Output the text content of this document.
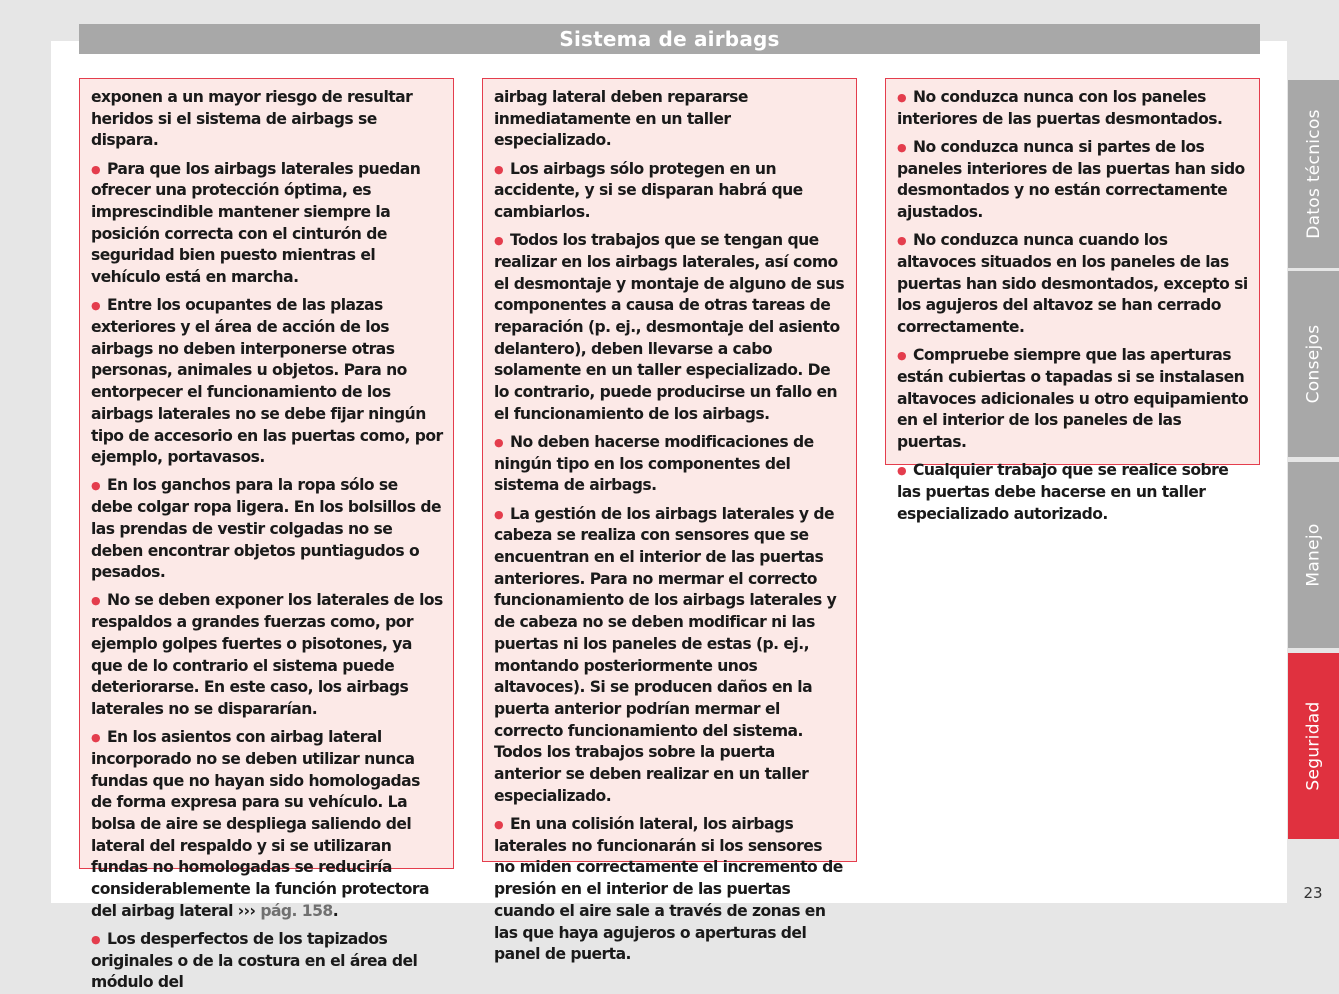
Sistema de airbags

exponen a un mayor riesgo de resultar heridos si el sistema de airbags se dispara.

● Para que los airbags laterales puedan ofrecer una protección óptima, es imprescindible mantener siempre la posición correcta con el cinturón de seguridad bien puesto mientras el vehículo está en marcha.

● Entre los ocupantes de las plazas exteriores y el área de acción de los airbags no deben interponerse otras personas, animales u objetos. Para no entorpecer el funcionamiento de los airbags laterales no se debe fijar ningún tipo de accesorio en las puertas como, por ejemplo, portavasos.

● En los ganchos para la ropa sólo se debe colgar ropa ligera. En los bolsillos de las prendas de vestir colgadas no se deben encontrar objetos puntiagudos o pesados.

● No se deben exponer los laterales de los respaldos a grandes fuerzas como, por ejemplo golpes fuertes o pisotones, ya que de lo contrario el sistema puede deteriorarse. En este caso, los airbags laterales no se dispararían.

● En los asientos con airbag lateral incorporado no se deben utilizar nunca fundas que no hayan sido homologadas de forma expresa para su vehículo. La bolsa de aire se despliega saliendo del lateral del respaldo y si se utilizaran fundas no homologadas se reduciría considerablemente la función protectora del airbag lateral ››› pág. 158.

● Los desperfectos de los tapizados originales o de la costura en el área del módulo del

airbag lateral deben repararse inmediatamente en un taller especializado.

● Los airbags sólo protegen en un accidente, y si se disparan habrá que cambiarlos.

● Todos los trabajos que se tengan que realizar en los airbags laterales, así como el desmontaje y montaje de alguno de sus componentes a causa de otras tareas de reparación (p. ej., desmontaje del asiento delantero), deben llevarse a cabo solamente en un taller especializado. De lo contrario, puede producirse un fallo en el funcionamiento de los airbags.

● No deben hacerse modificaciones de ningún tipo en los componentes del sistema de airbags.

● La gestión de los airbags laterales y de cabeza se realiza con sensores que se encuentran en el interior de las puertas anteriores. Para no mermar el correcto funcionamiento de los airbags laterales y de cabeza no se deben modificar ni las puertas ni los paneles de estas (p. ej., montando posteriormente unos altavoces). Si se producen daños en la puerta anterior podrían mermar el correcto funcionamiento del sistema. Todos los trabajos sobre la puerta anterior se deben realizar en un taller especializado.

● En una colisión lateral, los airbags laterales no funcionarán si los sensores no miden correctamente el incremento de presión en el interior de las puertas cuando el aire sale a través de zonas en las que haya agujeros o aperturas del panel de puerta.

● No conduzca nunca con los paneles interiores de las puertas desmontados.

● No conduzca nunca si partes de los paneles interiores de las puertas han sido desmontados y no están correctamente ajustados.

● No conduzca nunca cuando los altavoces situados en los paneles de las puertas han sido desmontados, excepto si los agujeros del altavoz se han cerrado correctamente.

● Compruebe siempre que las aperturas están cubiertas o tapadas si se instalasen altavoces adicionales u otro equipamiento en el interior de los paneles de las puertas.

● Cualquier trabajo que se realice sobre las puertas debe hacerse en un taller especializado autorizado.

Datos técnicos
Consejos
Manejo
Seguridad
23
